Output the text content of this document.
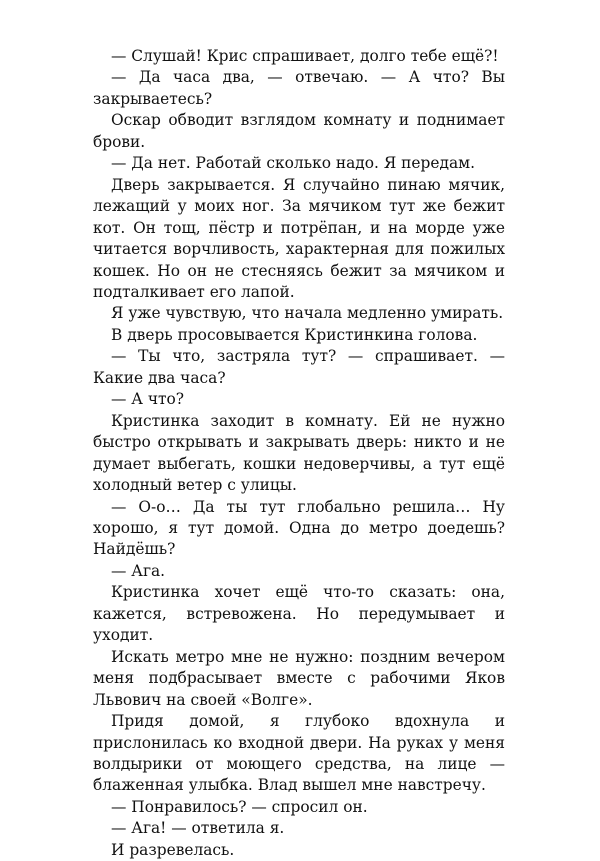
— Слушай! Крис спрашивает, долго тебе ещё?!

— Да часа два, — отвечаю. — А что? Вы закрываетесь?

Оскар обводит взглядом комнату и поднимает брови.

— Да нет. Работай сколько надо. Я передам.

Дверь закрывается. Я случайно пинаю мячик, лежащий у моих ног. За мячиком тут же бежит кот. Он тощ, пёстр и потрёпан, и на морде уже читается ворчливость, характерная для пожилых кошек. Но он не стесняясь бежит за мячиком и подталкивает его лапой.

Я уже чувствую, что начала медленно умирать.

В дверь просовывается Кристинкина голова.

— Ты что, застряла тут? — спрашивает. — Какие два часа?

— А что?

Кристинка заходит в комнату. Ей не нужно быстро открывать и закрывать дверь: никто и не думает выбегать, кошки недоверчивы, а тут ещё холодный ветер с улицы.

— О-о… Да ты тут глобально решила… Ну хорошо, я тут домой. Одна до метро доедешь? Найдёшь?

— Ага.

Кристинка хочет ещё что-то сказать: она, кажется, встревожена. Но передумывает и уходит.

Искать метро мне не нужно: поздним вечером меня подбрасывает вместе с рабочими Яков Львович на своей «Волге».

Придя домой, я глубоко вдохнула и прислонилась ко входной двери. На руках у меня волдырики от моющего средства, на лице — блаженная улыбка. Влад вышел мне навстречу.

— Понравилось? — спросил он.

— Ага! — ответила я.

И разревелась.
